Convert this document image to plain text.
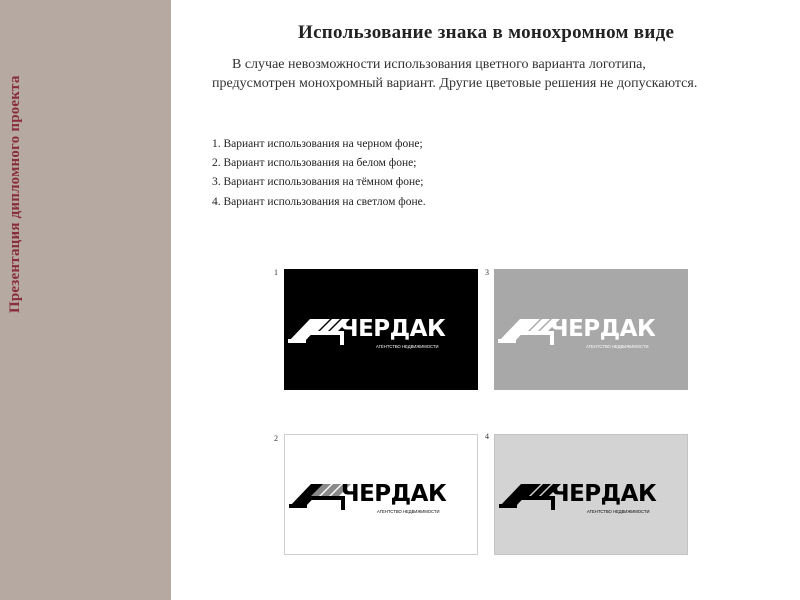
Презентация дипломного проекта
Использование знака в монохромном виде
В случае невозможности использования цветного варианта логотипа, предусмотрен монохромный вариант. Другие цветовые решения не допускаются.
1. Вариант использования на черном фоне;
2. Вариант использования на белом фоне;
3. Вариант использования на тёмном фоне;
4. Вариант использования на светлом фоне.
1
ЧЕРДАК
АГЕНТСТВО НЕДВИЖИМОСТИ
3
ЧЕРДАК
АГЕНТСТВО НЕДВИЖИМОСТИ
2
ЧЕРДАК
АГЕНТСТВО НЕДВИЖИМОСТИ
4
ЧЕРДАК
АГЕНТСТВО НЕДВИЖИМОСТИ
